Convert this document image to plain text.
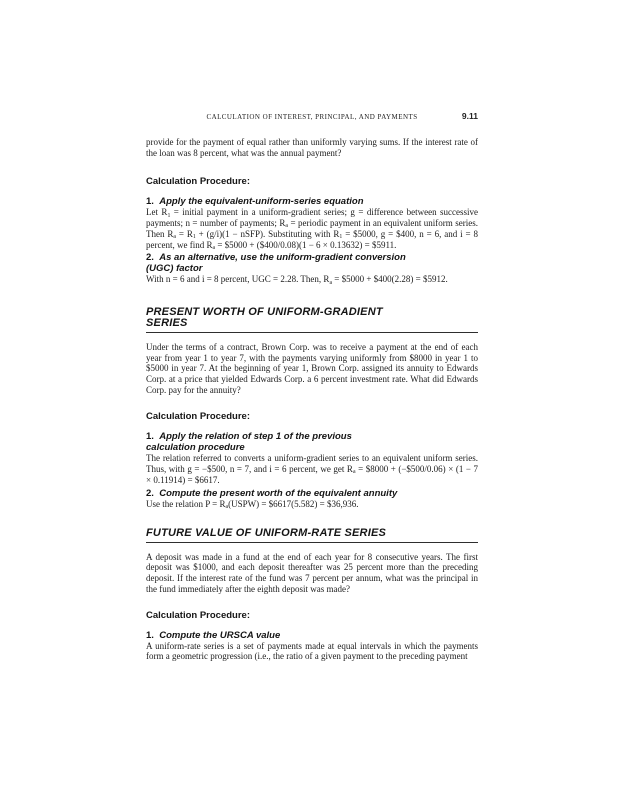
CALCULATION OF INTEREST, PRINCIPAL, AND PAYMENTS	9.11

provide for the payment of equal rather than uniformly varying sums. If the interest rate of the loan was 8 percent, what was the annual payment?

Calculation Procedure:
1. Apply the equivalent-uniform-series equation

Let $R_1$ = initial payment in a uniform-gradient series; g = difference between successive payments; n = number of payments; $R_a$ = periodic payment in an equivalent uniform series. Then $R_a = R_1 + (g/i)(1$ − nSFP). Substituting with $R_1$ = $5000, g = $400, n = 6, and i = 8 percent, we find $R_a$ = $5000 + ($400/0.08)(1 − 6 × 0.13632) = $5911.

2. As an alternative, use the uniform-gradient conversion
(UGC) factor

With n = 6 and i = 8 percent, UGC = 2.28. Then, $R_a$ = $5000 + $400(2.28) = $5912.

PRESENT WORTH OF UNIFORM-GRADIENT
SERIES

Under the terms of a contract, Brown Corp. was to receive a payment at the end of each year from year 1 to year 7, with the payments varying uniformly from $8000 in year 1 to $5000 in year 7. At the beginning of year 1, Brown Corp. assigned its annuity to Edwards Corp. at a price that yielded Edwards Corp. a 6 percent investment rate. What did Edwards Corp. pay for the annuity?

Calculation Procedure:
1. Apply the relation of step 1 of the previous
calculation procedure

The relation referred to converts a uniform-gradient series to an equivalent uniform series. Thus, with g = −$500, n = 7, and i = 6 percent, we get $R_a$ = $8000 + (−$500/0.06) × (1 − 7 × 0.11914) = $6617.

2. Compute the present worth of the equivalent annuity

Use the relation $P = R_a(USPW)$ = $6617(5.582) = $36,936.

FUTURE VALUE OF UNIFORM-RATE SERIES

A deposit was made in a fund at the end of each year for 8 consecutive years. The first deposit was $1000, and each deposit thereafter was 25 percent more than the preceding deposit. If the interest rate of the fund was 7 percent per annum, what was the principal in the fund immediately after the eighth deposit was made?

Calculation Procedure:
1. Compute the URSCA value

A uniform-rate series is a set of payments made at equal intervals in which the payments form a geometric progression (i.e., the ratio of a given payment to the preceding payment
